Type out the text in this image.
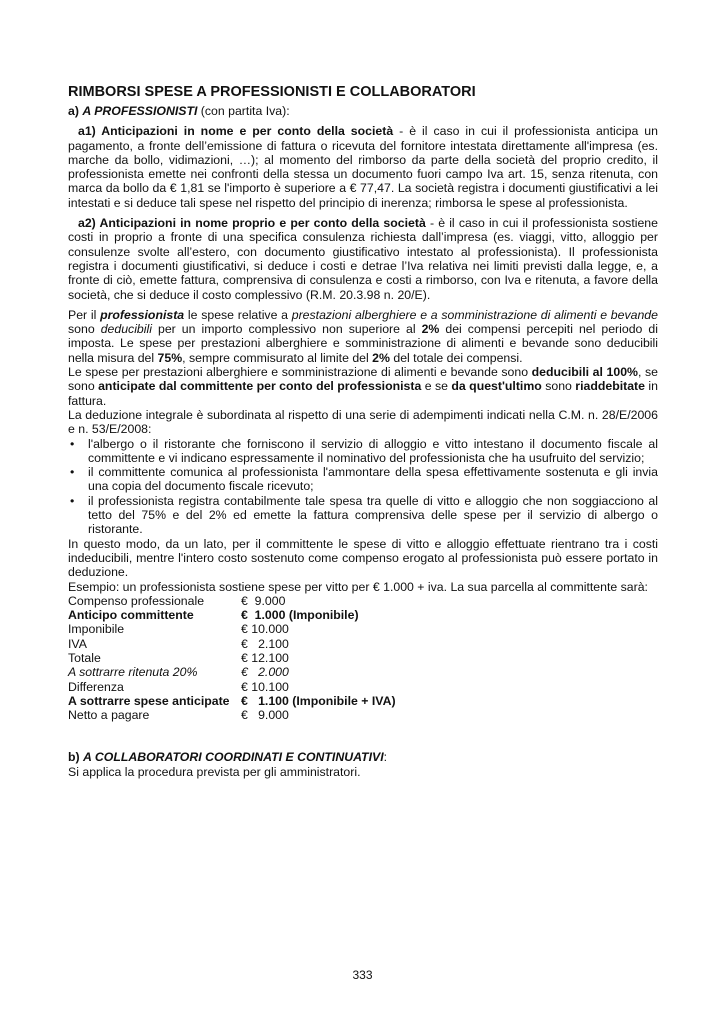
RIMBORSI SPESE A PROFESSIONISTI E COLLABORATORI

a) A PROFESSIONISTI (con partita Iva):

a1) Anticipazioni in nome e per conto della società - è il caso in cui il professionista anticipa un pagamento, a fronte dell’emissione di fattura o ricevuta del fornitore intestata direttamente all'impresa (es. marche da bollo, vidimazioni, …); al momento del rimborso da parte della società del proprio credito, il professionista emette nei confronti della stessa un documento fuori campo Iva art. 15, senza ritenuta, con marca da bollo da € 1,81 se l'importo è superiore a € 77,47. La società registra i documenti giustificativi a lei intestati e si deduce tali spese nel rispetto del principio di inerenza; rimborsa le spese al professionista.

a2) Anticipazioni in nome proprio e per conto della società - è il caso in cui il professionista sostiene costi in proprio a fronte di una specifica consulenza richiesta dall’impresa (es. viaggi, vitto, alloggio per consulenze svolte all’estero, con documento giustificativo intestato al professionista). Il professionista registra i documenti giustificativi, si deduce i costi e detrae l’Iva relativa nei limiti previsti dalla legge, e, a fronte di ciò, emette fattura, comprensiva di consulenza e costi a rimborso, con Iva e ritenuta, a favore della società, che si deduce il costo complessivo (R.M. 20.3.98 n. 20/E).

Per il professionista le spese relative a prestazioni alberghiere e a somministrazione di alimenti e bevande sono deducibili per un importo complessivo non superiore al 2% dei compensi percepiti nel periodo di imposta. Le spese per prestazioni alberghiere e somministrazione di alimenti e bevande sono deducibili nella misura del 75%, sempre commisurato al limite del 2% del totale dei compensi.

Le spese per prestazioni alberghiere e somministrazione di alimenti e bevande sono deducibili al 100%, se sono anticipate dal committente per conto del professionista e se da quest'ultimo sono riaddebitate in fattura.

La deduzione integrale è subordinata al rispetto di una serie di adempimenti indicati nella C.M. n. 28/E/2006 e n. 53/E/2008:

• l'albergo o il ristorante che forniscono il servizio di alloggio e vitto intestano il documento fiscale al committente e vi indicano espressamente il nominativo del professionista che ha usufruito del servizio;
• il committente comunica al professionista l'ammontare della spesa effettivamente sostenuta e gli invia una copia del documento fiscale ricevuto;
• il professionista registra contabilmente tale spesa tra quelle di vitto e alloggio che non soggiacciono al tetto del 75% e del 2% ed emette la fattura comprensiva delle spese per il servizio di albergo o ristorante.

In questo modo, da un lato, per il committente le spese di vitto e alloggio effettuate rientrano tra i costi indeducibili, mentre l'intero costo sostenuto come compenso erogato al professionista può essere portato in deduzione.

Esempio: un professionista sostiene spese per vitto per € 1.000 + iva. La sua parcella al committente sarà:

Compenso professionale	€  9.000
Anticipo committente	€  1.000 (Imponibile)
Imponibile	€ 10.000
IVA	€   2.100
Totale	€ 12.100
A sottrarre ritenuta 20%	€   2.000
Differenza	€ 10.100
A sottrarre spese anticipate	€   1.100 (Imponibile + IVA)
Netto a pagare	€   9.000

b) A COLLABORATORI COORDINATI E CONTINUATIVI:

Si applica la procedura prevista per gli amministratori.

333
